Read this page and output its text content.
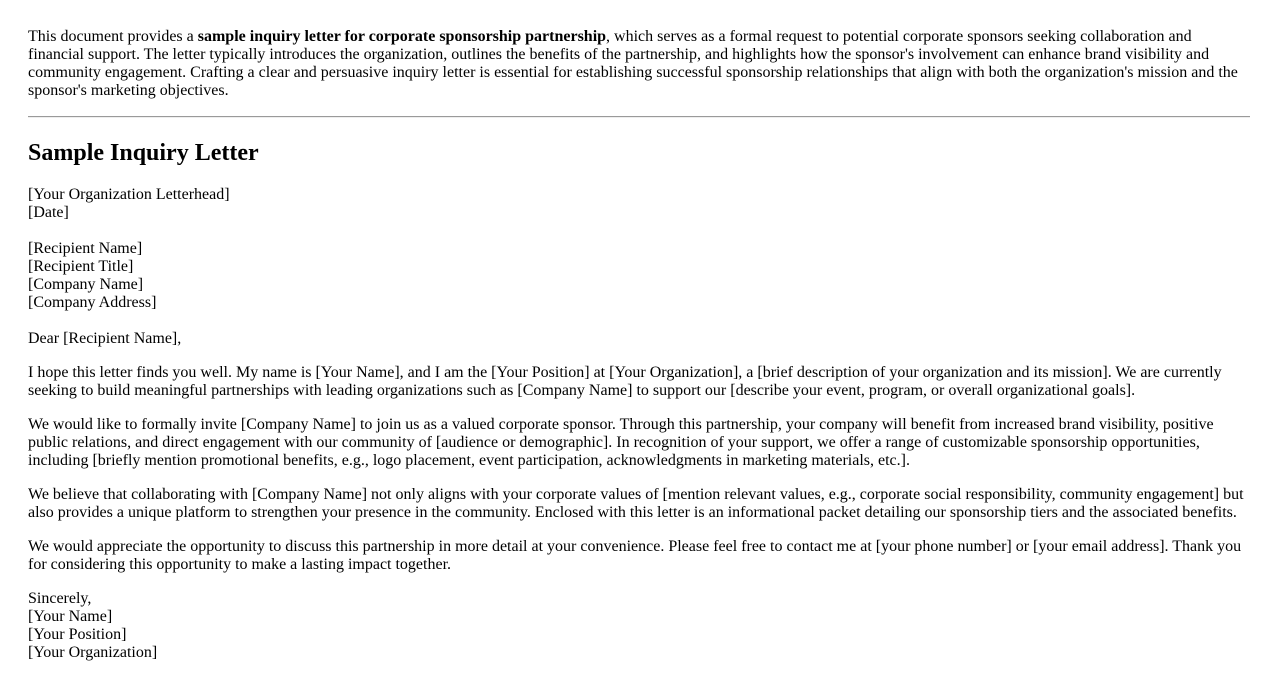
This document provides a sample inquiry letter for corporate sponsorship partnership, which serves as a formal request to potential corporate sponsors seeking collaboration and financial support. The letter typically introduces the organization, outlines the benefits of the partnership, and highlights how the sponsor's involvement can enhance brand visibility and community engagement. Crafting a clear and persuasive inquiry letter is essential for establishing successful sponsorship relationships that align with both the organization's mission and the sponsor's marketing objectives.

Sample Inquiry Letter
[Your Organization Letterhead]
[Date]
[Recipient Name]
[Recipient Title]
[Company Name]
[Company Address]

Dear [Recipient Name],

I hope this letter finds you well. My name is [Your Name], and I am the [Your Position] at [Your Organization], a [brief description of your organization and its mission]. We are currently seeking to build meaningful partnerships with leading organizations such as [Company Name] to support our [describe your event, program, or overall organizational goals].

We would like to formally invite [Company Name] to join us as a valued corporate sponsor. Through this partnership, your company will benefit from increased brand visibility, positive public relations, and direct engagement with our community of [audience or demographic]. In recognition of your support, we offer a range of customizable sponsorship opportunities, including [briefly mention promotional benefits, e.g., logo placement, event participation, acknowledgments in marketing materials, etc.].

We believe that collaborating with [Company Name] not only aligns with your corporate values of [mention relevant values, e.g., corporate social responsibility, community engagement] but also provides a unique platform to strengthen your presence in the community. Enclosed with this letter is an informational packet detailing our sponsorship tiers and the associated benefits.

We would appreciate the opportunity to discuss this partnership in more detail at your convenience. Please feel free to contact me at [your phone number] or [your email address]. Thank you for considering this opportunity to make a lasting impact together.

Sincerely,
[Your Name]
[Your Position]
[Your Organization]
